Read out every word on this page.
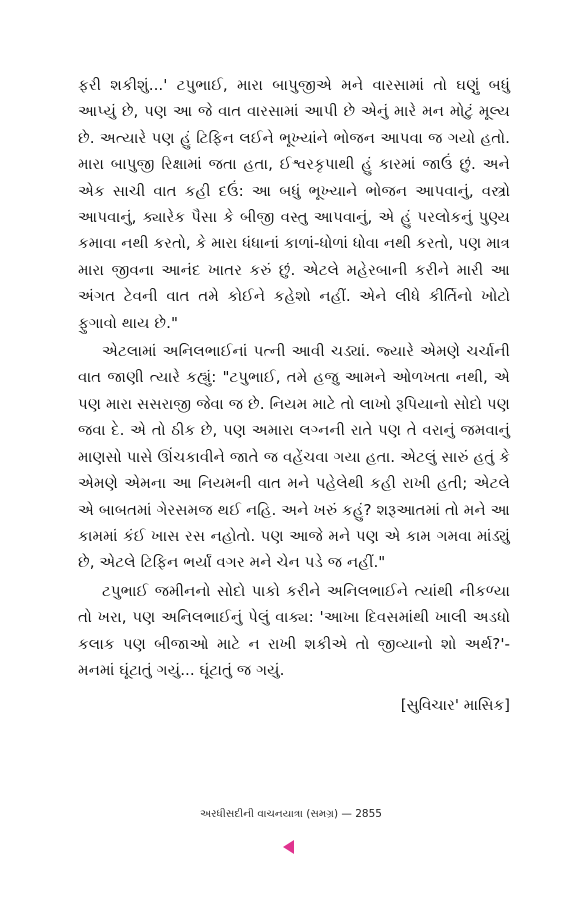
ફરી શકીશું...' ટપુભાઈ, મારા બાપુજીએ મને વારસામાં તો ઘણું બધું આપ્યું છે, પણ આ જે વાત વારસામાં આપી છે એનું મારે મન મોટું મૂલ્ય છે. અત્યારે પણ હું ટિફિન લઈને ભૂખ્યાંને ભોજન આપવા જ ગયો હતો. મારા બાપુજી રિક્ષામાં જતા હતા, ઈશ્વરકૃપાથી હું કારમાં જાઉં છું. અને એક સાચી વાત કહી દઉં: આ બધું ભૂખ્યાને ભોજન આપવાનું, વસ્ત્રો આપવાનું, ક્યારેક પૈસા કે બીજી વસ્તુ આપવાનું, એ હું પરલોકનું પુણ્ય કમાવા નથી કરતો, કે મારા ધંધાનાં કાળાં-ધોળાં ધોવા નથી કરતો, પણ માત્ર મારા જીવના આનંદ ખાતર કરું છું. એટલે મહેરબાની કરીને મારી આ અંગત ટેવની વાત તમે કોઈને કહેશો નહીં. એને લીધે કીર્તિનો ખોટો ફુગાવો થાય છે."

એટલામાં અનિલભાઈનાં પત્ની આવી ચડ્યાં. જ્યારે એમણે ચર્ચાની વાત જાણી ત્યારે કહ્યું: "ટપુભાઈ, તમે હજુ આમને ઓળખતા નથી, એ પણ મારા સસરાજી જેવા જ છે. નિયમ માટે તો લાખો રૂપિયાનો સોદો પણ જવા દે. એ તો ઠીક છે, પણ અમારા લગ્નની રાતે પણ તે વરાનું જમવાનું માણસો પાસે ઊંચકાવીને જાતે જ વહેંચવા ગયા હતા. એટલું સારું હતું કે એમણે એમના આ નિયમની વાત મને પહેલેથી કહી રાખી હતી; એટલે એ બાબતમાં ગેરસમજ થઈ નહિ. અને ખરું કહું? શરૂઆતમાં તો મને આ કામમાં કંઈ ખાસ રસ નહોતો. પણ આજે મને પણ એ કામ ગમવા માંડ્યું છે, એટલે ટિફિન ભર્યાં વગર મને ચેન પડે જ નહીં."

ટપુભાઈ જમીનનો સોદો પાકો કરીને અનિલભાઈને ત્યાંથી નીકળ્યા તો ખરા, પણ અનિલભાઈનું પેલું વાક્ય: 'આખા દિવસમાંથી ખાલી અડધો કલાક પણ બીજાઓ માટે ન રાખી શકીએ તો જીવ્યાનો શો અર્થ?'-મનમાં ઘૂંટાતું ગયું... ઘૂંટાતું જ ગયું.

[સુવિચાર' માસિક]
અરધીસદીની વાચનયાત્રા (સમગ્ર) — 2855
